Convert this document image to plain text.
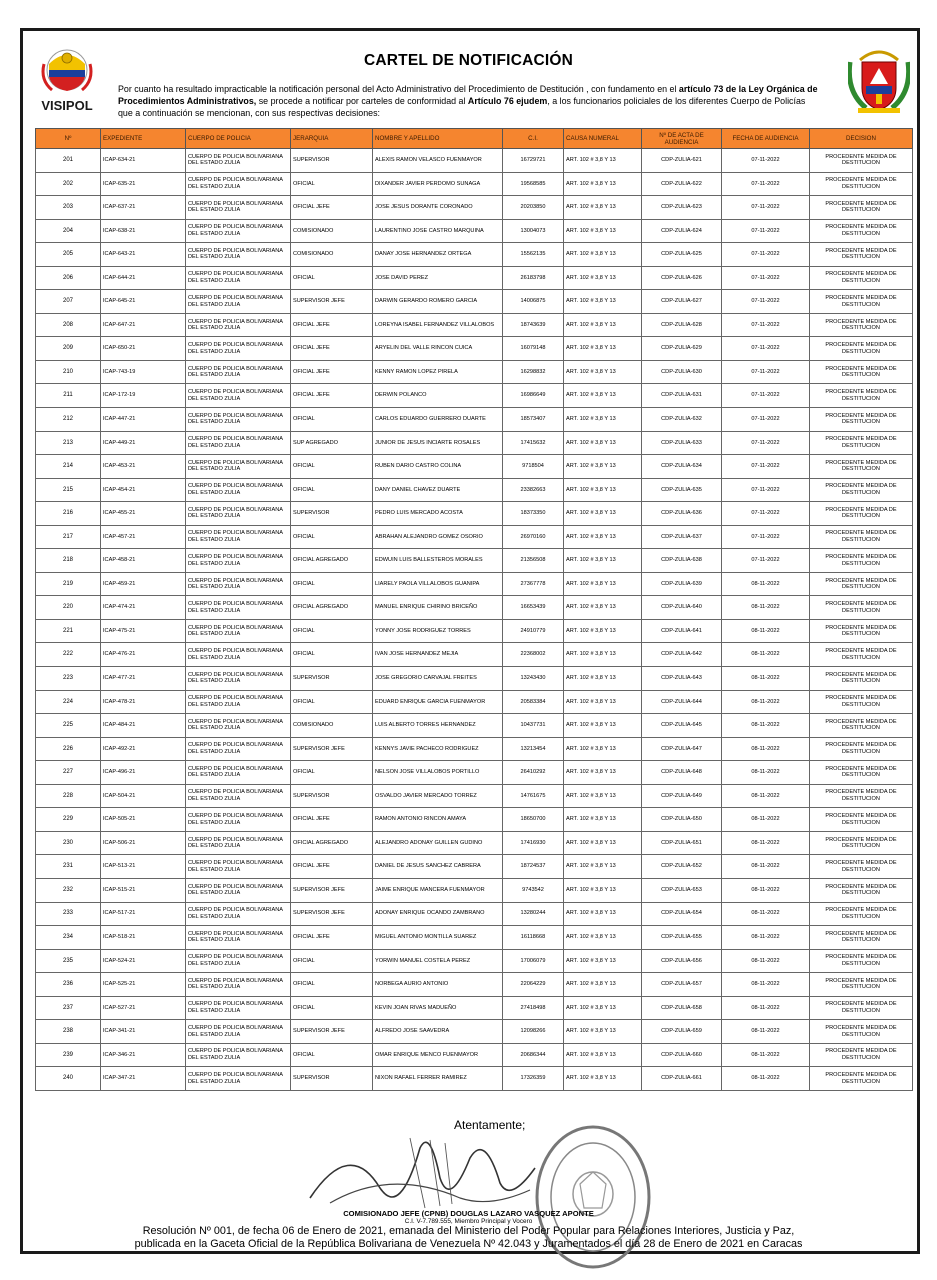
VISIPOL
CARTEL DE NOTIFICACIÓN
Por cuanto ha resultado impracticable la notificación personal del Acto Administrativo del Procedimiento de Destitución , con fundamento en el artículo 73 de la Ley Orgánica de Procedimientos Administrativos, se procede a notificar por carteles de conformidad al Artículo 76 ejudem, a los funcionarios policiales de los diferentes Cuerpo de Policías que a continuación se mencionan, con sus respectivas decisiones:
Nº	EXPEDIENTE	CUERPO DE POLICIA	JERARQUIA	NOMBRE Y APELLIDO	C.I.	CAUSA NUMERAL	Nº DE ACTA DE AUDIENCIA	FECHA DE AUDIENCIA	DECISION
201	ICAP-634-21	CUERPO DE POLICIA BOLIVARIANA
DEL ESTADO ZULIA	SUPERVISOR	ALEXIS RAMON VELASCO FUENMAYOR	16729721	ART. 102 # 3,8 Y 13	CDP-ZULIA-621	07-11-2022	PROCEDENTE MEDIDA DE DESTITUCION
202	ICAP-635-21	CUERPO DE POLICIA BOLIVARIANA
DEL ESTADO ZULIA	OFICIAL	DIXANDER JAVIER PERDOMO SUNAGA	19568585	ART. 102 # 3,8 Y 13	CDP-ZULIA-622	07-11-2022	PROCEDENTE MEDIDA DE DESTITUCION
203	ICAP-637-21	CUERPO DE POLICIA BOLIVARIANA
DEL ESTADO ZULIA	OFICIAL JEFE	JOSE JESUS DORANTE CORONADO	20203850	ART. 102 # 3,8 Y 13	CDP-ZULIA-623	07-11-2022	PROCEDENTE MEDIDA DE DESTITUCION
204	ICAP-638-21	CUERPO DE POLICIA BOLIVARIANA
DEL ESTADO ZULIA	COMISIONADO	LAURENTINO JOSE CASTRO MARQUINA	13004073	ART. 102 # 3,8 Y 13	CDP-ZULIA-624	07-11-2022	PROCEDENTE MEDIDA DE DESTITUCION
205	ICAP-643-21	CUERPO DE POLICIA BOLIVARIANA
DEL ESTADO ZULIA	COMISIONADO	DANAY JOSE HERNANDEZ ORTEGA	15562135	ART. 102 # 3,8 Y 13	CDP-ZULIA-625	07-11-2022	PROCEDENTE MEDIDA DE DESTITUCION
206	ICAP-644-21	CUERPO DE POLICIA BOLIVARIANA
DEL ESTADO ZULIA	OFICIAL	JOSE DAVID PEREZ	26183798	ART. 102 # 3,8 Y 13	CDP-ZULIA-626	07-11-2022	PROCEDENTE MEDIDA DE DESTITUCION
207	ICAP-645-21	CUERPO DE POLICIA BOLIVARIANA
DEL ESTADO ZULIA	SUPERVISOR JEFE	DARWIN GERARDO ROMERO GARCIA	14006875	ART. 102 # 3,8 Y 13	CDP-ZULIA-627	07-11-2022	PROCEDENTE MEDIDA DE DESTITUCION
208	ICAP-647-21	CUERPO DE POLICIA BOLIVARIANA
DEL ESTADO ZULIA	OFICIAL JEFE	LOREYNA ISABEL FERNANDEZ VILLALOBOS	18743639	ART. 102 # 3,8 Y 13	CDP-ZULIA-628	07-11-2022	PROCEDENTE MEDIDA DE DESTITUCION
209	ICAP-650-21	CUERPO DE POLICIA BOLIVARIANA
DEL ESTADO ZULIA	OFICIAL JEFE	ARYELIN DEL VALLE RINCON CUICA	16079148	ART. 102 # 3,8 Y 13	CDP-ZULIA-629	07-11-2022	PROCEDENTE MEDIDA DE DESTITUCION
210	ICAP-743-19	CUERPO DE POLICIA BOLIVARIANA
DEL ESTADO ZULIA	OFICIAL JEFE	KENNY RAMON LOPEZ PIRELA	16298832	ART. 102 # 3,8 Y 13	CDP-ZULIA-630	07-11-2022	PROCEDENTE MEDIDA DE DESTITUCION
211	ICAP-172-19	CUERPO DE POLICIA BOLIVARIANA
DEL ESTADO ZULIA	OFICIAL JEFE	DERWIN POLANCO	16986649	ART. 102 # 3,8 Y 13	CDP-ZULIA-631	07-11-2022	PROCEDENTE MEDIDA DE DESTITUCION
212	ICAP-447-21	CUERPO DE POLICIA BOLIVARIANA
DEL ESTADO ZULIA	OFICIAL	CARLOS EDUARDO GUERRERO DUARTE	18573407	ART. 102 # 3,8 Y 13	CDP-ZULIA-632	07-11-2022	PROCEDENTE MEDIDA DE DESTITUCION
213	ICAP-449-21	CUERPO DE POLICIA BOLIVARIANA
DEL ESTADO ZULIA	SUP AGREGADO	JUNIOR DE JESUS INCIARTE ROSALES	17415632	ART. 102 # 3,8 Y 13	CDP-ZULIA-633	07-11-2022	PROCEDENTE MEDIDA DE DESTITUCION
214	ICAP-453-21	CUERPO DE POLICIA BOLIVARIANA
DEL ESTADO ZULIA	OFICIAL	RUBEN DARIO CASTRO COLINA	9718504	ART. 102 # 3,8 Y 13	CDP-ZULIA-634	07-11-2022	PROCEDENTE MEDIDA DE DESTITUCION
215	ICAP-454-21	CUERPO DE POLICIA BOLIVARIANA
DEL ESTADO ZULIA	OFICIAL	DANY DANIEL CHAVEZ DUARTE	23382663	ART. 102 # 3,8 Y 13	CDP-ZULIA-635	07-11-2022	PROCEDENTE MEDIDA DE DESTITUCION
216	ICAP-455-21	CUERPO DE POLICIA BOLIVARIANA
DEL ESTADO ZULIA	SUPERVISOR	PEDRO LUIS MERCADO ACOSTA	18373350	ART. 102 # 3,8 Y 13	CDP-ZULIA-636	07-11-2022	PROCEDENTE MEDIDA DE DESTITUCION
217	ICAP-457-21	CUERPO DE POLICIA BOLIVARIANA
DEL ESTADO ZULIA	OFICIAL	ABRAHAN ALEJANDRO GOMEZ OSORIO	26970160	ART. 102 # 3,8 Y 13	CDP-ZULIA-637	07-11-2022	PROCEDENTE MEDIDA DE DESTITUCION
218	ICAP-458-21	CUERPO DE POLICIA BOLIVARIANA
DEL ESTADO ZULIA	OFICIAL AGREGADO	EDWUIN LUIS BALLESTEROS MORALES	21356508	ART. 102 # 3,8 Y 13	CDP-ZULIA-638	07-11-2022	PROCEDENTE MEDIDA DE DESTITUCION
219	ICAP-459-21	CUERPO DE POLICIA BOLIVARIANA
DEL ESTADO ZULIA	OFICIAL	LIARELY PAOLA VILLALOBOS GUANIPA	27367778	ART. 102 # 3,8 Y 13	CDP-ZULIA-639	08-11-2022	PROCEDENTE MEDIDA DE DESTITUCION
220	ICAP-474-21	CUERPO DE POLICIA BOLIVARIANA
DEL ESTADO ZULIA	OFICIAL AGREGADO	MANUEL ENRIQUE CHIRINO BRICEÑO	16653439	ART. 102 # 3,8 Y 13	CDP-ZULIA-640	08-11-2022	PROCEDENTE MEDIDA DE DESTITUCION
221	ICAP-475-21	CUERPO DE POLICIA BOLIVARIANA
DEL ESTADO ZULIA	OFICIAL	YONNY JOSE RODRIGUEZ TORRES	24910779	ART. 102 # 3,8 Y 13	CDP-ZULIA-641	08-11-2022	PROCEDENTE MEDIDA DE DESTITUCION
222	ICAP-476-21	CUERPO DE POLICIA BOLIVARIANA
DEL ESTADO ZULIA	OFICIAL	IVAN JOSE HERNANDEZ MEJIA	22368002	ART. 102 # 3,8 Y 13	CDP-ZULIA-642	08-11-2022	PROCEDENTE MEDIDA DE DESTITUCION
223	ICAP-477-21	CUERPO DE POLICIA BOLIVARIANA
DEL ESTADO ZULIA	SUPERVISOR	JOSE GREGORIO CARVAJAL FREITES	13243430	ART. 102 # 3,8 Y 13	CDP-ZULIA-643	08-11-2022	PROCEDENTE MEDIDA DE DESTITUCION
224	ICAP-478-21	CUERPO DE POLICIA BOLIVARIANA
DEL ESTADO ZULIA	OFICIAL	EDUARD ENRIQUE GARCIA FUENMAYOR	20583384	ART. 102 # 3,8 Y 13	CDP-ZULIA-644	08-11-2022	PROCEDENTE MEDIDA DE DESTITUCION
225	ICAP-484-21	CUERPO DE POLICIA BOLIVARIANA
DEL ESTADO ZULIA	COMISIONADO	LUIS ALBERTO TORRES HERNANDEZ	10437731	ART. 102 # 3,8 Y 13	CDP-ZULIA-645	08-11-2022	PROCEDENTE MEDIDA DE DESTITUCION
226	ICAP-492-21	CUERPO DE POLICIA BOLIVARIANA
DEL ESTADO ZULIA	SUPERVISOR JEFE	KENNYS JAVIE PACHECO RODRIGUEZ	13213454	ART. 102 # 3,8 Y 13	CDP-ZULIA-647	08-11-2022	PROCEDENTE MEDIDA DE DESTITUCION
227	ICAP-496-21	CUERPO DE POLICIA BOLIVARIANA
DEL ESTADO ZULIA	OFICIAL	NELSON JOSE VILLALOBOS PORTILLO	26410292	ART. 102 # 3,8 Y 13	CDP-ZULIA-648	08-11-2022	PROCEDENTE MEDIDA DE DESTITUCION
228	ICAP-504-21	CUERPO DE POLICIA BOLIVARIANA
DEL ESTADO ZULIA	SUPERVISOR	OSVALDO JAVIER MERCADO TORREZ	14761675	ART. 102 # 3,8 Y 13	CDP-ZULIA-649	08-11-2022	PROCEDENTE MEDIDA DE DESTITUCION
229	ICAP-505-21	CUERPO DE POLICIA BOLIVARIANA
DEL ESTADO ZULIA	OFICIAL JEFE	RAMON ANTONIO RINCON AMAYA	18650700	ART. 102 # 3,8 Y 13	CDP-ZULIA-650	08-11-2022	PROCEDENTE MEDIDA DE DESTITUCION
230	ICAP-506-21	CUERPO DE POLICIA BOLIVARIANA
DEL ESTADO ZULIA	OFICIAL AGREGADO	ALEJANDRO ADONAY GUILLEN GUDINO	17416930	ART. 102 # 3,8 Y 13	CDP-ZULIA-651	08-11-2022	PROCEDENTE MEDIDA DE DESTITUCION
231	ICAP-513-21	CUERPO DE POLICIA BOLIVARIANA
DEL ESTADO ZULIA	OFICIAL JEFE	DANIEL DE JESUS SANCHEZ CABRERA	18724537	ART. 102 # 3,8 Y 13	CDP-ZULIA-652	08-11-2022	PROCEDENTE MEDIDA DE DESTITUCION
232	ICAP-515-21	CUERPO DE POLICIA BOLIVARIANA
DEL ESTADO ZULIA	SUPERVISOR JEFE	JAIME ENRIQUE MANCERA FUENMAYOR	9743542	ART. 102 # 3,8 Y 13	CDP-ZULIA-653	08-11-2022	PROCEDENTE MEDIDA DE DESTITUCION
233	ICAP-517-21	CUERPO DE POLICIA BOLIVARIANA
DEL ESTADO ZULIA	SUPERVISOR JEFE	ADONAY ENRIQUE OCANDO ZAMBRANO	13280244	ART. 102 # 3,8 Y 13	CDP-ZULIA-654	08-11-2022	PROCEDENTE MEDIDA DE DESTITUCION
234	ICAP-518-21	CUERPO DE POLICIA BOLIVARIANA
DEL ESTADO ZULIA	OFICIAL JEFE	MIGUEL ANTONIO MONTILLA SUAREZ	16118668	ART. 102 # 3,8 Y 13	CDP-ZULIA-655	08-11-2022	PROCEDENTE MEDIDA DE DESTITUCION
235	ICAP-524-21	CUERPO DE POLICIA BOLIVARIANA
DEL ESTADO ZULIA	OFICIAL	YORWIN MANUEL COSTELA PEREZ	17006079	ART. 102 # 3,8 Y 13	CDP-ZULIA-656	08-11-2022	PROCEDENTE MEDIDA DE DESTITUCION
236	ICAP-525-21	CUERPO DE POLICIA BOLIVARIANA
DEL ESTADO ZULIA	OFICIAL	NORBEGA AURIO ANTONIO	22064229	ART. 102 # 3,8 Y 13	CDP-ZULIA-657	08-11-2022	PROCEDENTE MEDIDA DE DESTITUCION
237	ICAP-527-21	CUERPO DE POLICIA BOLIVARIANA
DEL ESTADO ZULIA	OFICIAL	KEVIN JOAN RIVAS MADUEÑO	27418498	ART. 102 # 3,8 Y 13	CDP-ZULIA-658	08-11-2022	PROCEDENTE MEDIDA DE DESTITUCION
238	ICAP-341-21	CUERPO DE POLICIA BOLIVARIANA
DEL ESTADO ZULIA	SUPERVISOR JEFE	ALFREDO JOSE SAAVEDRA	12098266	ART. 102 # 3,8 Y 13	CDP-ZULIA-659	08-11-2022	PROCEDENTE MEDIDA DE DESTITUCION
239	ICAP-346-21	CUERPO DE POLICIA BOLIVARIANA
DEL ESTADO ZULIA	OFICIAL	OMAR ENRIQUE MENCO FUENMAYOR	20686344	ART. 102 # 3,8 Y 13	CDP-ZULIA-660	08-11-2022	PROCEDENTE MEDIDA DE DESTITUCION
240	ICAP-347-21	CUERPO DE POLICIA BOLIVARIANA
DEL ESTADO ZULIA	SUPERVISOR	NIXON RAFAEL FERRER RAMIREZ	17326359	ART. 102 # 3,8 Y 13	CDP-ZULIA-661	08-11-2022	PROCEDENTE MEDIDA DE DESTITUCION
Atentamente;
COMISIONADO JEFE (CPNB) DOUGLAS LAZARO VASQUEZ APONTE
C.I. V-7.789.555, Miembro Principal y Vocero
Resolución Nº 001, de fecha 06 de Enero de 2021, emanada del Ministerio del Poder Popular para Relaciones Interiores, Justicia y Paz,
publicada en la Gaceta Oficial de la República Bolivariana de Venezuela Nº 42.043 y Juramentados el día 28 de Enero de 2021 en Caracas
